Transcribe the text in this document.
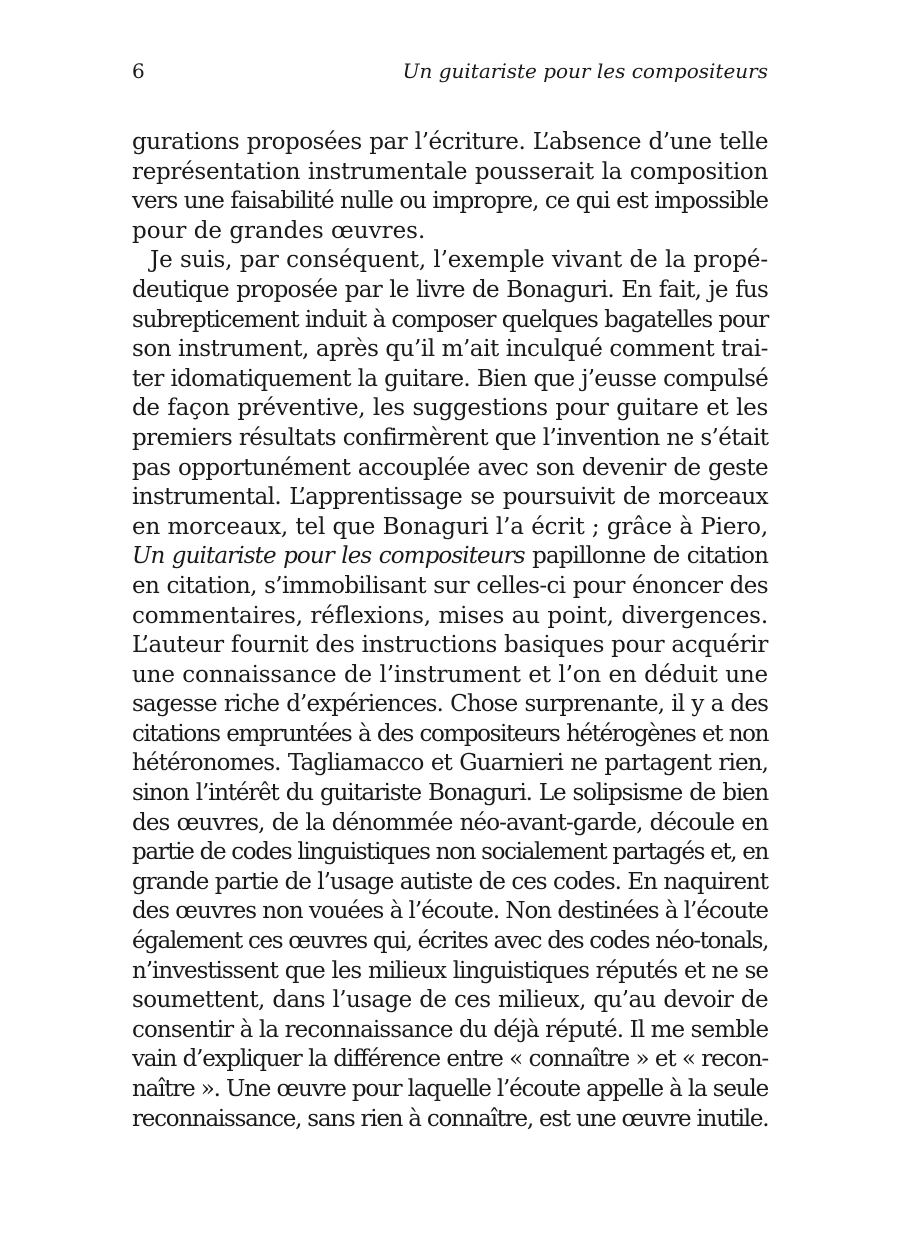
6	Un guitariste pour les compositeurs
gurations proposées par l’écriture. L’absence d’une telle
représentation instrumentale pousserait la composition
vers une faisabilité nulle ou impropre, ce qui est impossible
pour de grandes œuvres.
Je suis, par conséquent, l’exemple vivant de la propé-
deutique proposée par le livre de Bonaguri. En fait, je fus
subrepticement induit à composer quelques bagatelles pour
son instrument, après qu’il m’ait inculqué comment trai-
ter idomatiquement la guitare. Bien que j’eusse compulsé
de façon préventive, les suggestions pour guitare et les
premiers résultats confirmèrent que l’invention ne s’était
pas opportunément accouplée avec son devenir de geste
instrumental. L’apprentissage se poursuivit de morceaux
en morceaux, tel que Bonaguri l’a écrit ; grâce à Piero,
Un guitariste pour les compositeurs papillonne de citation
en citation, s’immobilisant sur celles-ci pour énoncer des
commentaires, réflexions, mises au point, divergences.
L’auteur fournit des instructions basiques pour acquérir
une connaissance de l’instrument et l’on en déduit une
sagesse riche d’expériences. Chose surprenante, il y a des
citations empruntées à des compositeurs hétérogènes et non
hétéronomes. Tagliamacco et Guarnieri ne partagent rien,
sinon l’intérêt du guitariste Bonaguri. Le solipsisme de bien
des œuvres, de la dénommée néo-avant-garde, découle en
partie de codes linguistiques non socialement partagés et, en
grande partie de l’usage autiste de ces codes. En naquirent
des œuvres non vouées à l’écoute. Non destinées à l’écoute
également ces œuvres qui, écrites avec des codes néo-tonals,
n’investissent que les milieux linguistiques réputés et ne se
soumettent, dans l’usage de ces milieux, qu’au devoir de
consentir à la reconnaissance du déjà réputé. Il me semble
vain d’expliquer la différence entre « connaître » et « recon-
naître ». Une œuvre pour laquelle l’écoute appelle à la seule
reconnaissance, sans rien à connaître, est une œuvre inutile.
